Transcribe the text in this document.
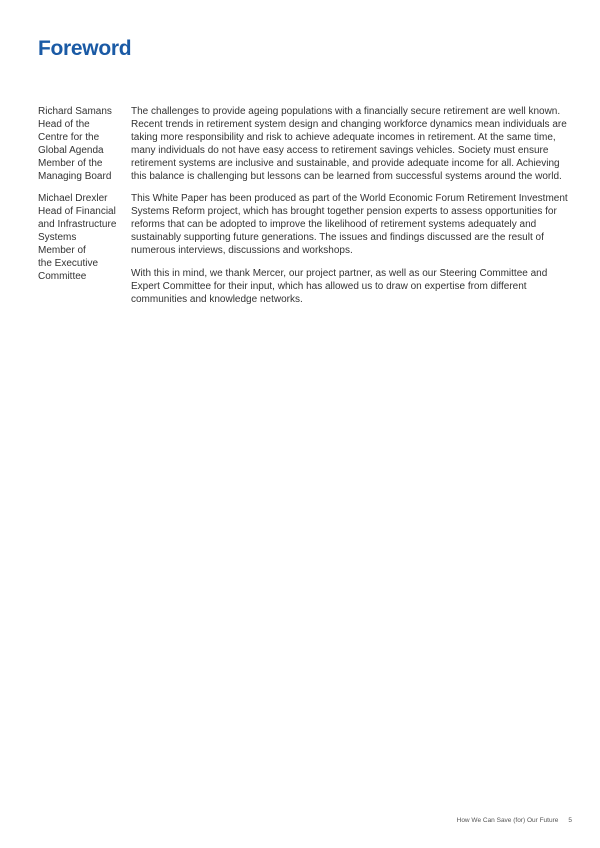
Foreword
Richard Samans
Head of the
Centre for the
Global Agenda
Member of the
Managing Board
Michael Drexler
Head of Financial
and Infrastructure
Systems
Member of
the Executive
Committee

The challenges to provide ageing populations with a financially secure retirement are well known. Recent trends in retirement system design and changing workforce dynamics mean individuals are taking more responsibility and risk to achieve adequate incomes in retirement. At the same time, many individuals do not have easy access to retirement savings vehicles. Society must ensure retirement systems are inclusive and sustainable, and provide adequate income for all. Achieving this balance is challenging but lessons can be learned from successful systems around the world.

This White Paper has been produced as part of the World Economic Forum Retirement Investment Systems Reform project, which has brought together pension experts to assess opportunities for reforms that can be adopted to improve the likelihood of retirement systems adequately and sustainably supporting future generations. The issues and findings discussed are the result of numerous interviews, discussions and workshops.

With this in mind, we thank Mercer, our project partner, as well as our Steering Committee and Expert Committee for their input, which has allowed us to draw on expertise from different communities and knowledge networks.

How We Can Save (for) Our Future 5
